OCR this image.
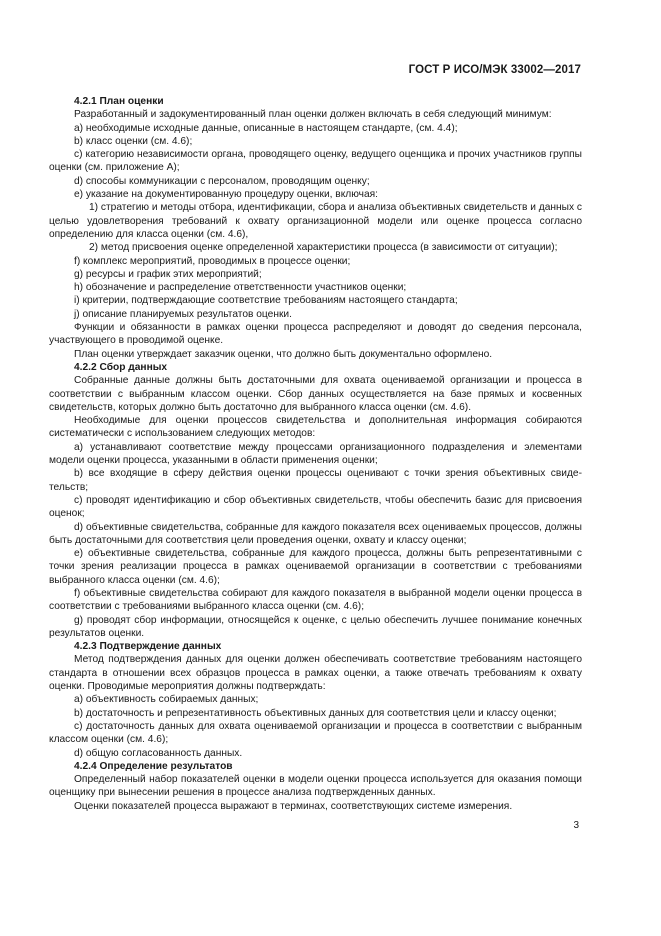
ГОСТ Р ИСО/МЭК 33002—2017

4.2.1 План оценки

Разработанный и задокументированный план оценки должен включать в себя следующий минимум:

a) необходимые исходные данные, описанные в настоящем стандарте, (см. 4.4);

b) класс оценки (см. 4.6);

c) категорию независимости органа, проводящего оценку, ведущего оценщика и прочих участников группы оценки (см. приложение А);

d) способы коммуникации с персоналом, проводящим оценку;

e) указание на документированную процедуру оценки, включая:

1) стратегию и методы отбора, идентификации, сбора и анализа объективных свидетельств и данных с целью удовлетворения требований к охвату организационной модели или оценке процесса согласно определению для класса оценки (см. 4.6),

2) метод присвоения оценке определенной характеристики процесса (в зависимости от ситуации);

f) комплекс мероприятий, проводимых в процессе оценки;

g) ресурсы и график этих мероприятий;

h) обозначение и распределение ответственности участников оценки;

i) критерии, подтверждающие соответствие требованиям настоящего стандарта;

j) описание планируемых результатов оценки.

Функции и обязанности в рамках оценки процесса распределяют и доводят до сведения персонала, участвующего в проводимой оценке.

План оценки утверждает заказчик оценки, что должно быть документально оформлено.

4.2.2 Сбор данных

Собранные данные должны быть достаточными для охвата оцениваемой организации и процесса в соответствии с выбранным классом оценки. Сбор данных осуществляется на базе прямых и косвенных свидетельств, которых должно быть достаточно для выбранного класса оценки (см. 4.6).

Необходимые для оценки процессов свидетельства и дополнительная информация собираются систематически с использованием следующих методов:

a) устанавливают соответствие между процессами организационного подразделения и элементами модели оценки процесса, указанными в области применения оценки;

b) все входящие в сферу действия оценки процессы оценивают с точки зрения объективных свидетельств;

c) проводят идентификацию и сбор объективных свидетельств, чтобы обеспечить базис для присвоения оценок;

d) объективные свидетельства, собранные для каждого показателя всех оцениваемых процессов, должны быть достаточными для соответствия цели проведения оценки, охвату и классу оценки;

e) объективные свидетельства, собранные для каждого процесса, должны быть репрезентативными с точки зрения реализации процесса в рамках оцениваемой организации в соответствии с требованиями выбранного класса оценки (см. 4.6);

f) объективные свидетельства собирают для каждого показателя в выбранной модели оценки процесса в соответствии с требованиями выбранного класса оценки (см. 4.6);

g) проводят сбор информации, относящейся к оценке, с целью обеспечить лучшее понимание конечных результатов оценки.

4.2.3 Подтверждение данных

Метод подтверждения данных для оценки должен обеспечивать соответствие требованиям настоящего стандарта в отношении всех образцов процесса в рамках оценки, а также отвечать требованиям к охвату оценки. Проводимые мероприятия должны подтверждать:

a) объективность собираемых данных;

b) достаточность и репрезентативность объективных данных для соответствия цели и классу оценки;

c) достаточность данных для охвата оцениваемой организации и процесса в соответствии с выбранным классом оценки (см. 4.6);

d) общую согласованность данных.

4.2.4 Определение результатов

Определенный набор показателей оценки в модели оценки процесса используется для оказания помощи оценщику при вынесении решения в процессе анализа подтвержденных данных.

Оценки показателей процесса выражают в терминах, соответствующих системе измерения.

3
